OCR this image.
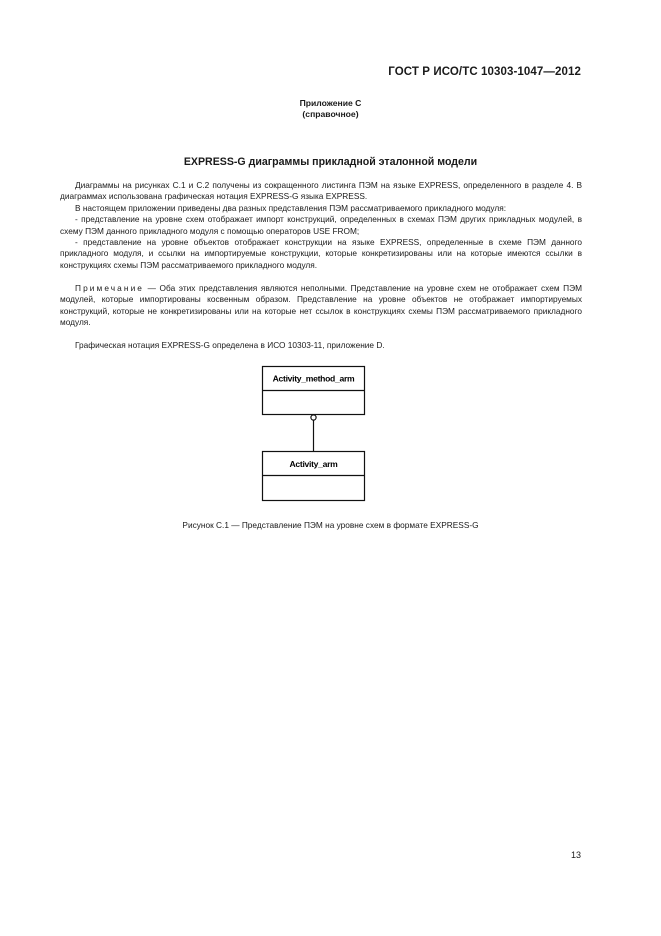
ГОСТ Р ИСО/ТС 10303-1047—2012
Приложение С
(справочное)
EXPRESS-G диаграммы прикладной эталонной модели

Диаграммы на рисунках С.1 и С.2 получены из сокращенного листинга ПЭМ на языке EXPRESS, определенного в разделе 4. В диаграммах использована графическая нотация EXPRESS-G языка EXPRESS.

В настоящем приложении приведены два разных представления ПЭМ рассматриваемого прикладного модуля:

- представление на уровне схем отображает импорт конструкций, определенных в схемах ПЭМ других прикладных модулей, в схему ПЭМ данного прикладного модуля с помощью операторов USE FROM;

- представление на уровне объектов отображает конструкции на языке EXPRESS, определенные в схеме ПЭМ данного прикладного модуля, и ссылки на импортируемые конструкции, которые конкретизированы или на которые имеются ссылки в конструкциях схемы ПЭМ рассматриваемого прикладного модуля.

Примечание — Оба этих представления являются неполными. Представление на уровне схем не отображает схем ПЭМ модулей, которые импортированы косвенным образом. Представление на уровне объектов не отображает импортируемых конструкций, которые не конкретизированы или на которые нет ссылок в конструкциях схемы ПЭМ рассматриваемого прикладного модуля.

Графическая нотация EXPRESS-G определена в ИСО 10303-11, приложение D.

Activity_method_arm
Activity_arm
Рисунок С.1 — Представление ПЭМ на уровне схем в формате EXPRESS-G
13
